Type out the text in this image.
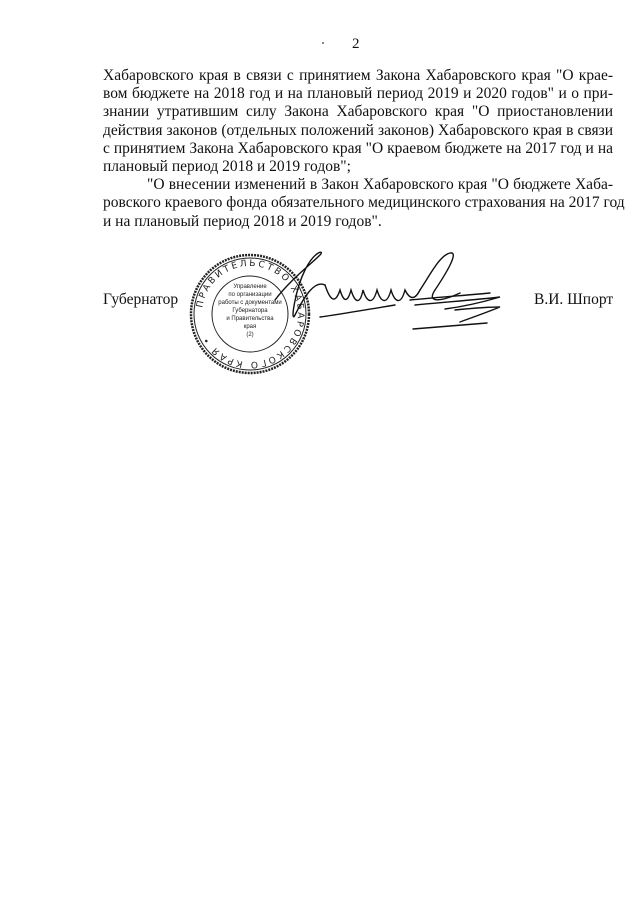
2
Хабаровского края в связи с принятием Закона Хабаровского края "О крае-
вом бюджете на 2018 год и на плановый период 2019 и 2020 годов" и о при-
знании утратившим силу Закона Хабаровского края "О приостановлении
действия законов (отдельных положений законов) Хабаровского края в связи
с принятием Закона Хабаровского края "О краевом бюджете на 2017 год и на
плановый период 2018 и 2019 годов";
"О внесении изменений в Закон Хабаровского края "О бюджете Хаба-
ровского краевого фонда обязательного медицинского страхования на 2017 год
и на плановый период 2018 и 2019 годов".
Губернатор	В.И. Шпорт
ПРАВИТЕЛЬСТВО ХАБАРОВСКОГО КРАЯ •
Управление
по организации
работы с документами
Губернатора
и Правительства
края
(2)
